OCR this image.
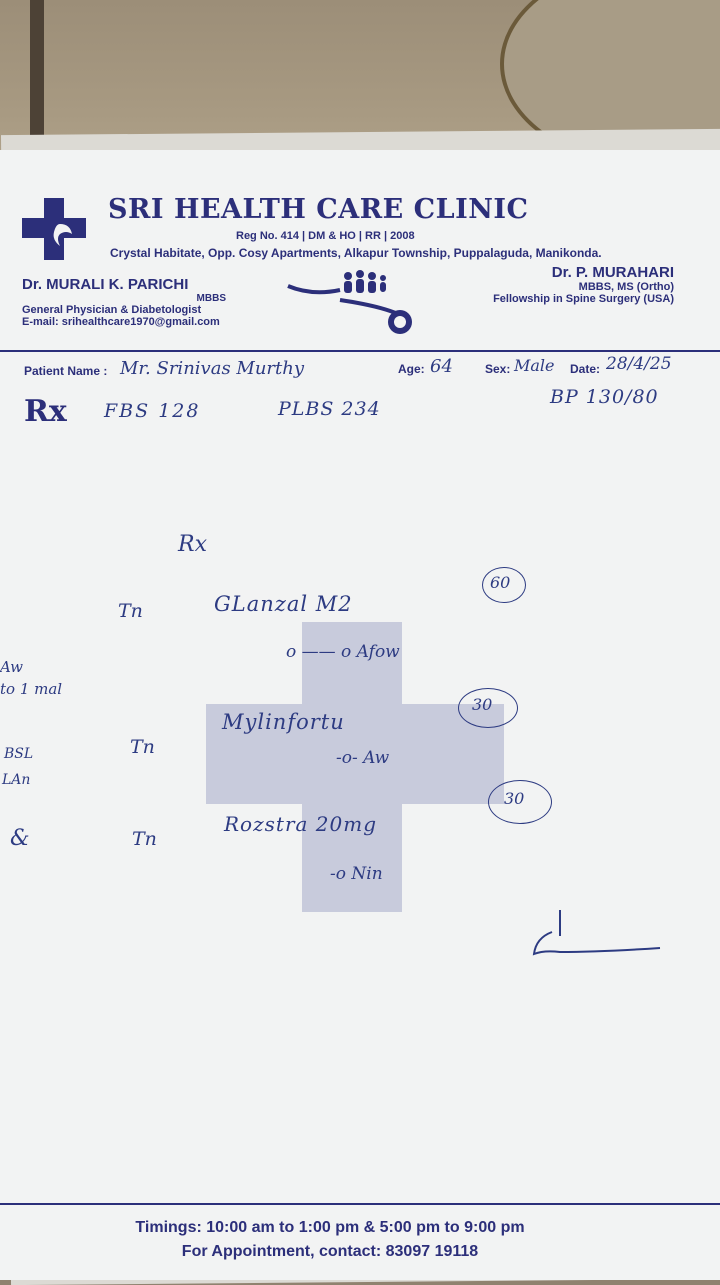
SRI HEALTH CARE CLINIC
Reg No. 414 | DM & HO | RR | 2008
Crystal Habitate, Opp. Cosy Apartments, Alkapur Township, Puppalaguda, Manikonda.
Dr. MURALI K. PARICHI
MBBS
General Physician & Diabetologist
E-mail: srihealthcare1970@gmail.com
Dr. P. MURAHARI
MBBS, MS (Ortho)
Fellowship in Spine Surgery (USA)
Patient Name : Mr. Srinivas Murthy	Age: 64	Sex: Male Date: 28/4/25
Rx FBS 128	PLBS 234
BP 130/80
Rx
Tn	GLanzal M2
60
o —— o Afow
Tn
Mylinfortu
30
-o- Aw
Tn
Rozstra 20mg
30
-o Nin
Aw
to 1 mal
BSL
LAn
&
Timings: 10:00 am to 1:00 pm & 5:00 pm to 9:00 pm
For Appointment, contact: 83097 19118
